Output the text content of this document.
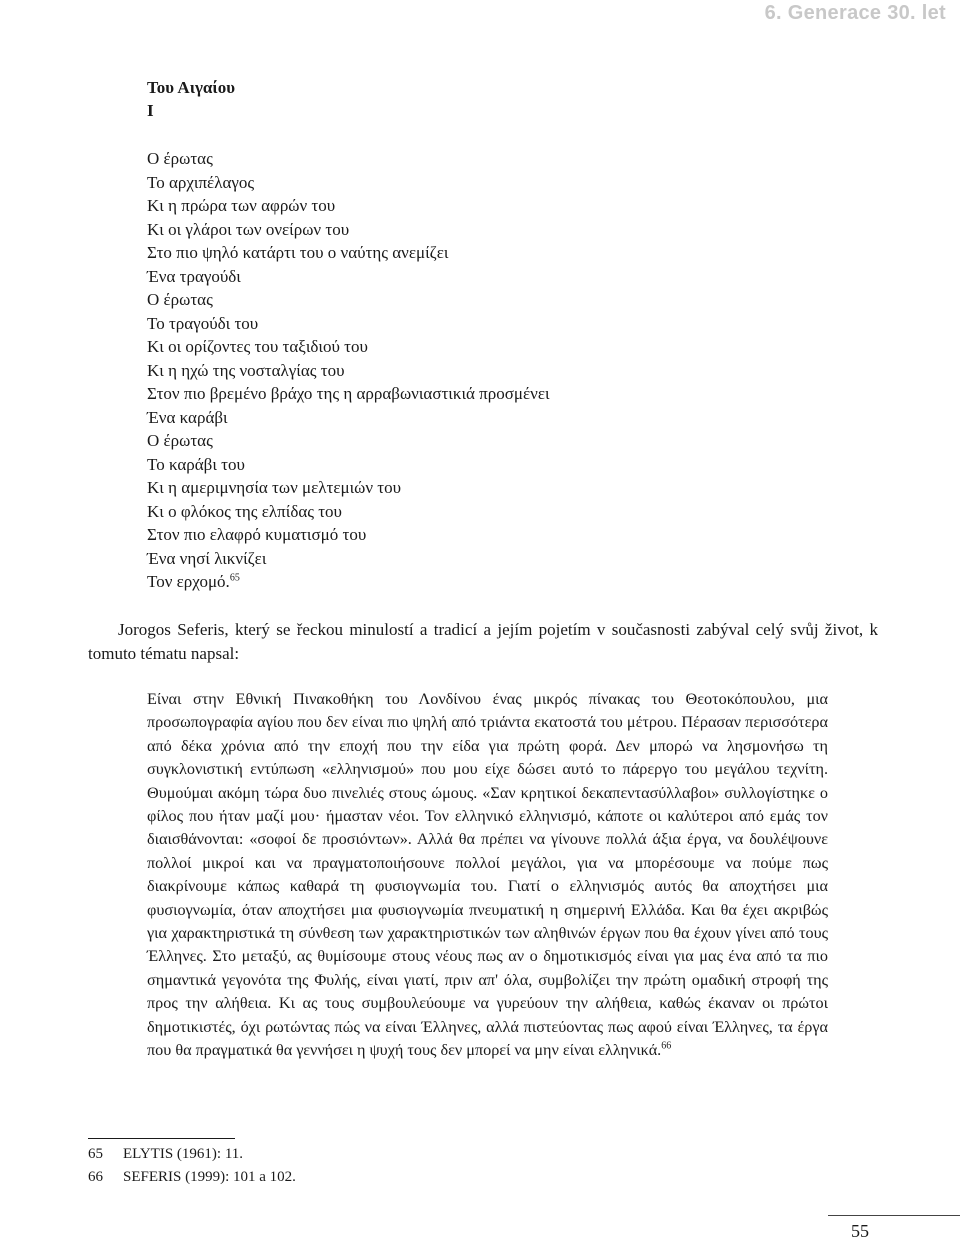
6. Generace 30. let
Του Αιγαίου
Ι
Ο έρωτας
Το αρχιπέλαγος
Κι η πρώρα των αφρών του
Κι οι γλάροι των ονείρων του
Στο πιο ψηλό κατάρτι του ο ναύτης ανεμίζει
Ένα τραγούδι
Ο έρωτας
Το τραγούδι του
Κι οι ορίζοντες του ταξιδιού του
Κι η ηχώ της νοσταλγίας του
Στον πιο βρεμένο βράχο της η αρραβωνιαστικιά προσμένει
Ένα καράβι
Ο έρωτας
Το καράβι του
Κι η αμεριμνησία των μελτεμιών του
Κι ο φλόκος της ελπίδας του
Στον πιο ελαφρό κυματισμό του
Ένα νησί λικνίζει
Τον ερχομό.$^{65}$

Jorogos Seferis, který se řeckou minulostí a tradicí a jejím pojetím v současnosti zabýval celý svůj život, k tomuto tématu napsal:

Είναι στην Εθνική Πινακοθήκη του Λονδίνου ένας μικρός πίνακας του Θεοτοκόπουλου, μια προσωπογραφία αγίου που δεν είναι πιο ψηλή από τριάντα εκατοστά του μέτρου. Πέρασαν περισσότερα από δέκα χρόνια από την εποχή που την είδα για πρώτη φορά. Δεν μπορώ να λησμονήσω τη συγκλονιστική εντύπωση «ελληνισμού» που μου είχε δώσει αυτό το πάρεργο του μεγάλου τεχνίτη. Θυμούμαι ακόμη τώρα δυο πινελιές στους ώμους. «Σαν κρητικοί δεκαπεντασύλλαβοι» συλλογίστηκε ο φίλος που ήταν μαζί μου· ήμασταν νέοι. Τον ελληνικό ελληνισμό, κάποτε οι καλύτεροι από εμάς τον διαισθάνονται: «σοφοί δε προσιόντων». Αλλά θα πρέπει να γίνουνε πολλά άξια έργα, να δουλέψουνε πολλοί μικροί και να πραγματοποιήσουνε πολλοί μεγάλοι, για να μπορέσουμε να πούμε πως διακρίνουμε κάπως καθαρά τη φυσιογνωμία του. Γιατί ο ελληνισμός αυτός θα αποχτήσει μια φυσιογνωμία, όταν αποχτήσει μια φυσιογνωμία πνευματική η σημερινή Ελλάδα. Και θα έχει ακριβώς για χαρακτηριστικά τη σύνθεση των χαρακτηριστικών των αληθινών έργων που θα έχουν γίνει από τους Έλληνες. Στο μεταξύ, ας θυμίσουμε στους νέους πως αν ο δημοτικισμός είναι για μας ένα από τα πιο σημαντικά γεγονότα της Φυλής, είναι γιατί, πριν απ' όλα, συμβολίζει την πρώτη ομαδική στροφή της προς την αλήθεια. Κι ας τους συμβουλεύουμε να γυρεύουν την αλήθεια, καθώς έκαναν οι πρώτοι δημοτικιστές, όχι ρωτώντας πώς να είναι Έλληνες, αλλά πιστεύοντας πως αφού είναι Έλληνες, τα έργα που θα πραγματικά θα γεννήσει η ψυχή τους δεν μπορεί να μην είναι ελληνικά.$^{66}$

65 ELYTIS (1961): 11.
66 SEFERIS (1999): 101 a 102.
55
